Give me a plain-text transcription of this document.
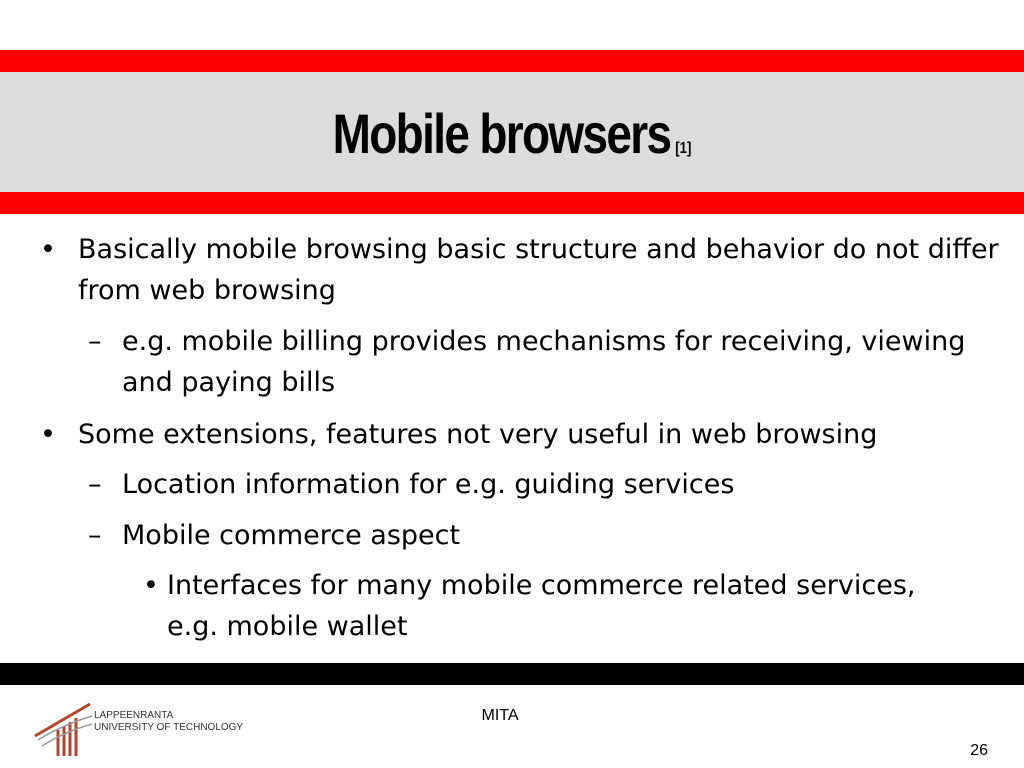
Mobile browsers [1]
• Basically mobile browsing basic structure and behavior do not differ from web browsing
– e.g. mobile billing provides mechanisms for receiving, viewing and paying bills
• Some extensions, features not very useful in web browsing
– Location information for e.g. guiding services
– Mobile commerce aspect
• Interfaces for many mobile commerce related services, e.g. mobile wallet
LAPPEENRANTA
UNIVERSITY OF TECHNOLOGY
MITA
26
